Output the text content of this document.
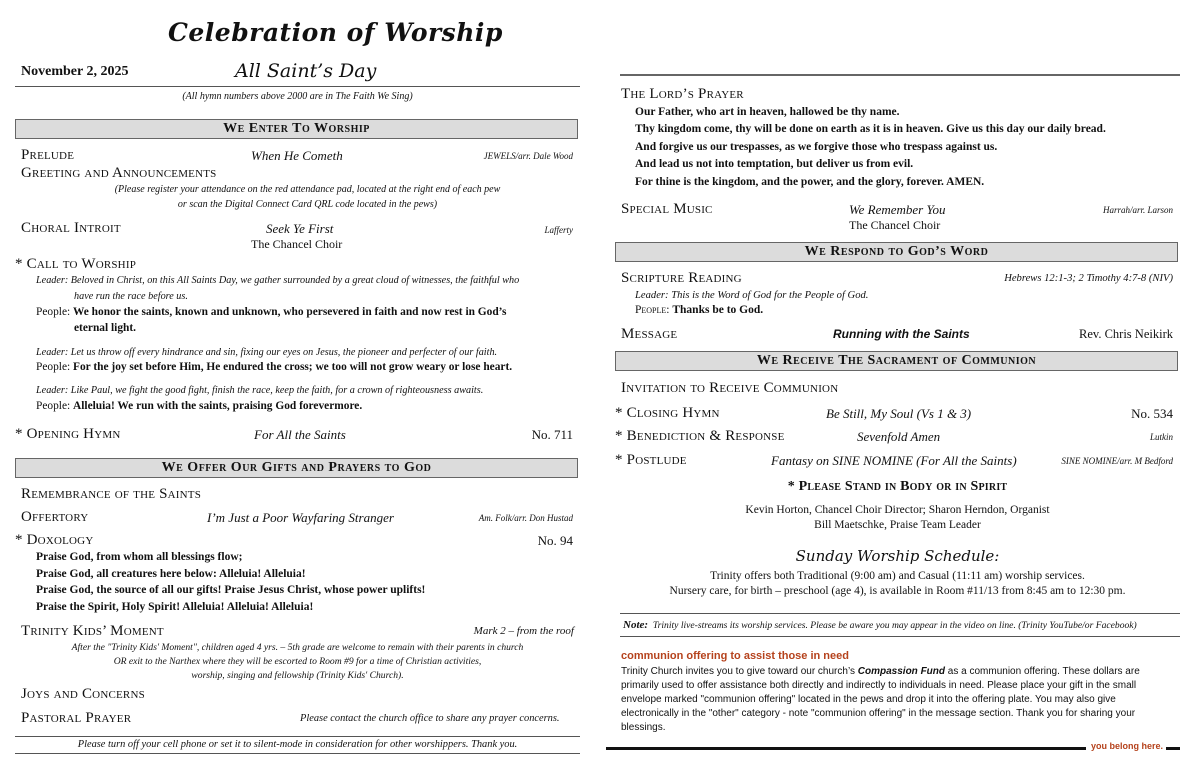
Celebration of Worship
November 2, 2025	All Saint’s Day
(All hymn numbers above 2000 are in The Faith We Sing)
We Enter To Worship
Prelude	When He Cometh	JEWELS/arr. Dale Wood
Greeting and Announcements
(Please register your attendance on the red attendance pad, located at the right end of each pew
or scan the Digital Connect Card QRL code located in the pews)
Choral Introit	Seek Ye First	Lafferty
The Chancel Choir
* Call to Worship
Leader: Beloved in Christ, on this All Saints Day, we gather surrounded by a great cloud of witnesses, the faithful who
have run the race before us.
People: We honor the saints, known and unknown, who persevered in faith and now rest in God’s
eternal light.
Leader: Let us throw off every hindrance and sin, fixing our eyes on Jesus, the pioneer and perfecter of our faith.
People: For the joy set before Him, He endured the cross; we too will not grow weary or lose heart.
Leader: Like Paul, we fight the good fight, finish the race, keep the faith, for a crown of righteousness awaits.
People: Alleluia! We run with the saints, praising God forevermore.
* Opening Hymn	For All the Saints	No. 711
We Offer Our Gifts and Prayers to God
Remembrance of the Saints
Offertory	I’m Just a Poor Wayfaring Stranger	Am. Folk/arr. Don Hustad
* Doxology	No. 94
Praise God, from whom all blessings flow;
Praise God, all creatures here below: Alleluia! Alleluia!
Praise God, the source of all our gifts! Praise Jesus Christ, whose power uplifts!
Praise the Spirit, Holy Spirit! Alleluia! Alleluia! Alleluia!
Trinity Kids’ Moment	Mark 2 – from the roof
After the "Trinity Kids' Moment", children aged 4 yrs. – 5th grade are welcome to remain with their parents in church
OR exit to the Narthex where they will be escorted to Room #9 for a time of Christian activities,
worship, singing and fellowship (Trinity Kids' Church).
Joys and Concerns
Pastoral Prayer	Please contact the church office to share any prayer concerns.
Please turn off your cell phone or set it to silent-mode in consideration for other worshippers. Thank you.
The Lord’s Prayer
Our Father, who art in heaven, hallowed be thy name.
Thy kingdom come, thy will be done on earth as it is in heaven. Give us this day our daily bread.
And forgive us our trespasses, as we forgive those who trespass against us.
And lead us not into temptation, but deliver us from evil.
For thine is the kingdom, and the power, and the glory, forever. AMEN.
Special Music	We Remember You	Harrah/arr. Larson
The Chancel Choir
We Respond to God’s Word
Scripture Reading	Hebrews 12:1-3; 2 Timothy 4:7-8 (NIV)
Leader: This is the Word of God for the People of God.
People: Thanks be to God.
Message	Running with the Saints	Rev. Chris Neikirk
We Receive The Sacrament of Communion
Invitation to Receive Communion
* Closing Hymn	Be Still, My Soul (Vs 1 & 3)	No. 534
* Benediction & Response	Sevenfold Amen	Lutkin
* Postlude	Fantasy on SINE NOMINE (For All the Saints)	SINE NOMINE/arr. M Bedford
* Please Stand in Body or in Spirit
Kevin Horton, Chancel Choir Director; Sharon Herndon, Organist
Bill Maetschke, Praise Team Leader
Sunday Worship Schedule:
Trinity offers both Traditional (9:00 am) and Casual (11:11 am) worship services.
Nursery care, for birth – preschool (age 4), is available in Room #11/13 from 8:45 am to 12:30 pm.
Note: Trinity live-streams its worship services. Please be aware you may appear in the video on line. (Trinity YouTube/or Facebook)
communion offering to assist those in need
Trinity Church invites you to give toward our church’s Compassion Fund as a communion offering. These dollars are primarily used to offer assistance both directly and indirectly to individuals in need. Please place your gift in the small envelope marked "communion offering" located in the pews and drop it into the offering plate. You may also give electronically in the "other" category - note "communion offering" in the message section. Thank you for sharing your blessings.
you belong here.
